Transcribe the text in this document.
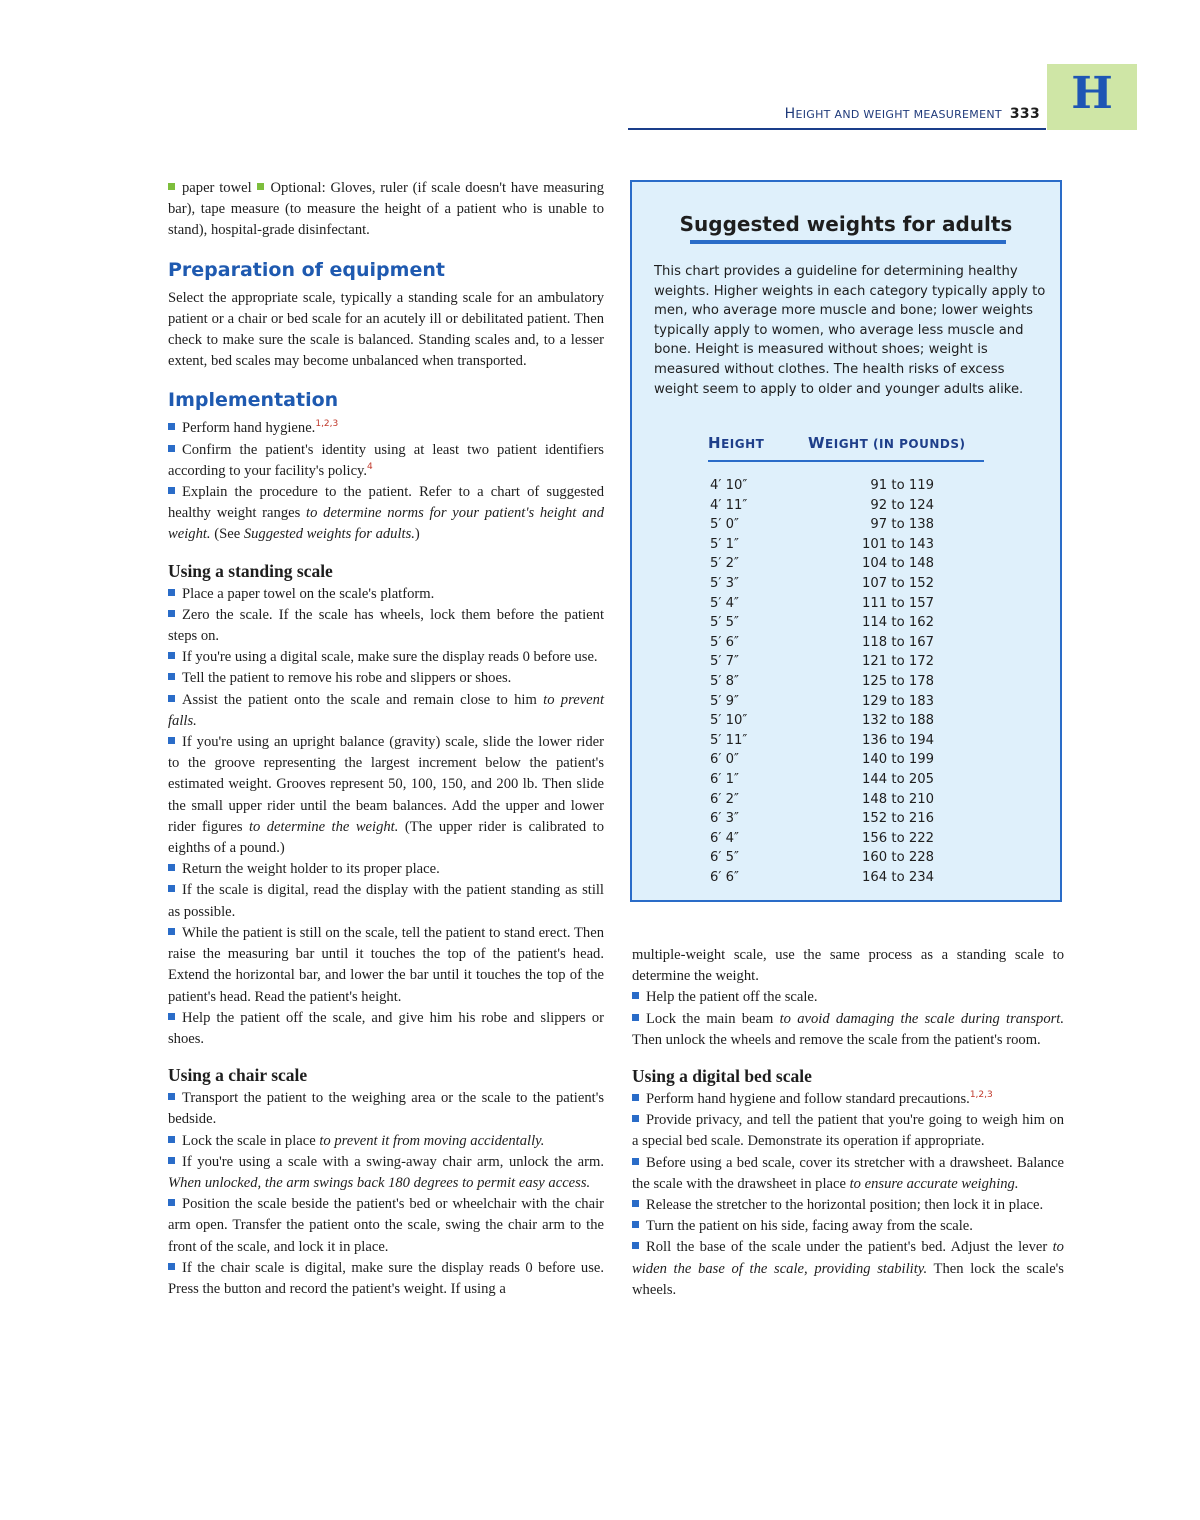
HEIGHT AND WEIGHT MEASUREMENT 333 H

paper towel Optional: Gloves, ruler (if scale doesn't have measuring bar), tape measure (to measure the height of a patient who is unable to stand), hospital-grade disinfectant.

Preparation of equipment

Select the appropriate scale, typically a standing scale for an ambulatory patient or a chair or bed scale for an acutely ill or debilitated patient. Then check to make sure the scale is balanced. Standing scales and, to a lesser extent, bed scales may become unbalanced when transported.

Implementation

Perform hand hygiene.$^{1,2,3}$

Confirm the patient's identity using at least two patient identifiers according to your facility's policy.$^4$

Explain the procedure to the patient. Refer to a chart of suggested healthy weight ranges to determine norms for your patient's height and weight. (See Suggested weights for adults.)

Using a standing scale

Place a paper towel on the scale's platform.

Zero the scale. If the scale has wheels, lock them before the patient steps on.

If you're using a digital scale, make sure the display reads 0 before use.

Tell the patient to remove his robe and slippers or shoes.

Assist the patient onto the scale and remain close to him to prevent falls.

If you're using an upright balance (gravity) scale, slide the lower rider to the groove representing the largest increment below the patient's estimated weight. Grooves represent 50, 100, 150, and 200 lb. Then slide the small upper rider until the beam balances. Add the upper and lower rider figures to determine the weight. (The upper rider is calibrated to eighths of a pound.)

Return the weight holder to its proper place.

If the scale is digital, read the display with the patient standing as still as possible.

While the patient is still on the scale, tell the patient to stand erect. Then raise the measuring bar until it touches the top of the patient's head. Extend the horizontal bar, and lower the bar until it touches the top of the patient's head. Read the patient's height.

Help the patient off the scale, and give him his robe and slippers or shoes.

Using a chair scale

Transport the patient to the weighing area or the scale to the patient's bedside.

Lock the scale in place to prevent it from moving accidentally.

If you're using a scale with a swing-away chair arm, unlock the arm. When unlocked, the arm swings back 180 degrees to permit easy access.

Position the scale beside the patient's bed or wheelchair with the chair arm open. Transfer the patient onto the scale, swing the chair arm to the front of the scale, and lock it in place.

If the chair scale is digital, make sure the display reads 0 before use. Press the button and record the patient's weight. If using a

Suggested weights for adults
This chart provides a guideline for determining healthy weights. Higher weights in each category typically apply to men, who average more muscle and bone; lower weights typically apply to women, who average less muscle and bone. Height is measured without shoes; weight is measured without clothes. The health risks of excess weight seem to apply to older and younger adults alike.
HEIGHT	WEIGHT (IN POUNDS)
4′ 10″	91 to 119
4′ 11″	92 to 124
5′ 0″	97 to 138
5′ 1″	101 to 143
5′ 2″	104 to 148
5′ 3″	107 to 152
5′ 4″	111 to 157
5′ 5″	114 to 162
5′ 6″	118 to 167
5′ 7″	121 to 172
5′ 8″	125 to 178
5′ 9″	129 to 183
5′ 10″	132 to 188
5′ 11″	136 to 194
6′ 0″	140 to 199
6′ 1″	144 to 205
6′ 2″	148 to 210
6′ 3″	152 to 216
6′ 4″	156 to 222
6′ 5″	160 to 228
6′ 6″	164 to 234

multiple-weight scale, use the same process as a standing scale to determine the weight.

Help the patient off the scale.

Lock the main beam to avoid damaging the scale during transport. Then unlock the wheels and remove the scale from the patient's room.

Using a digital bed scale

Perform hand hygiene and follow standard precautions.$^{1,2,3}$

Provide privacy, and tell the patient that you're going to weigh him on a special bed scale. Demonstrate its operation if appropriate.

Before using a bed scale, cover its stretcher with a drawsheet. Balance the scale with the drawsheet in place to ensure accurate weighing.

Release the stretcher to the horizontal position; then lock it in place.

Turn the patient on his side, facing away from the scale.

Roll the base of the scale under the patient's bed. Adjust the lever to widen the base of the scale, providing stability. Then lock the scale's wheels.
